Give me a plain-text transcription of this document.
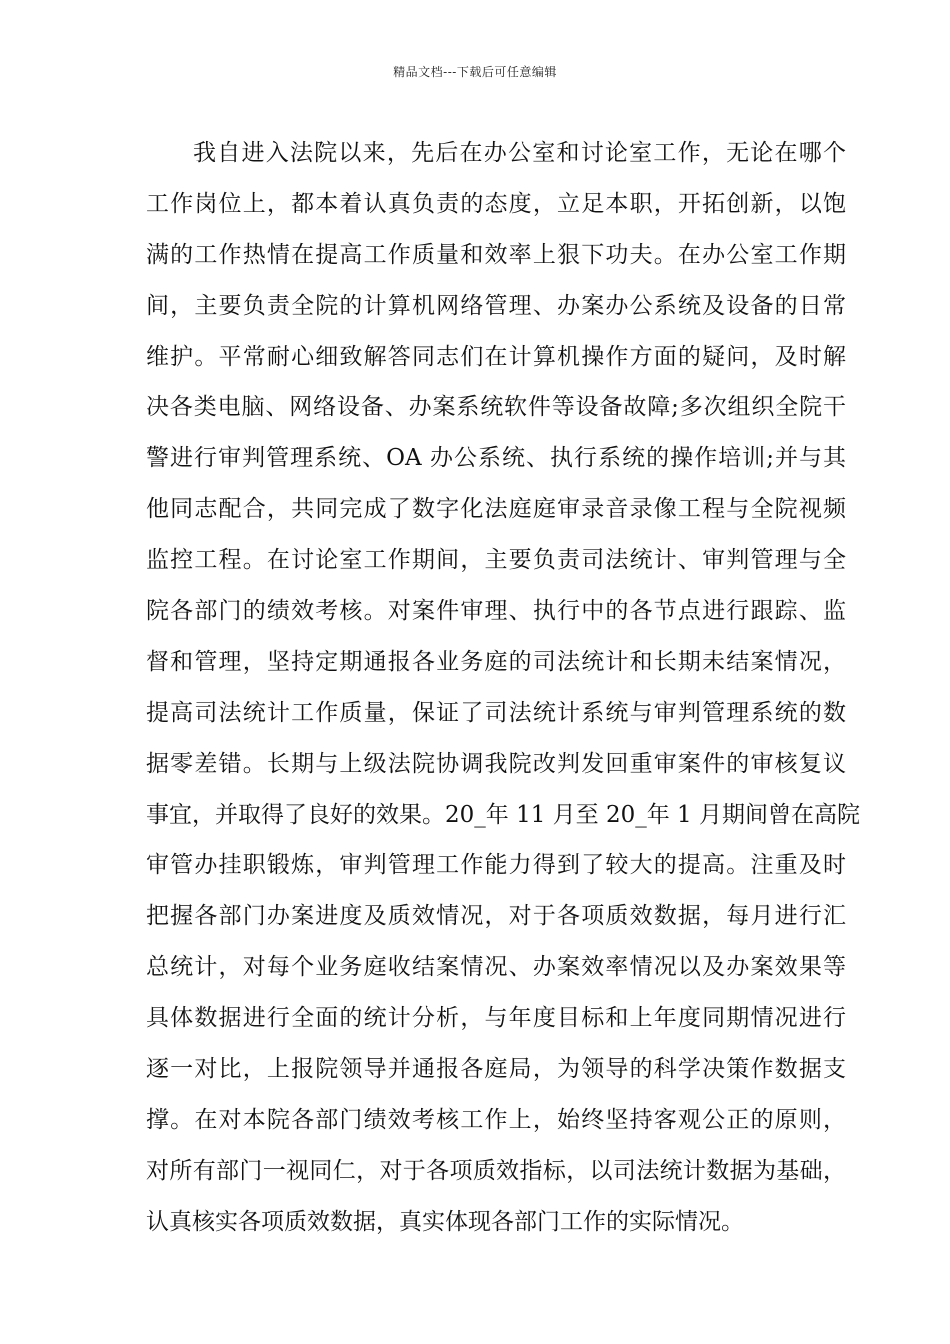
精品文档---下载后可任意编辑
我自进入法院以来，先后在办公室和讨论室工作，无论在哪个
工作岗位上，都本着认真负责的态度，立足本职，开拓创新，以饱
满的工作热情在提高工作质量和效率上狠下功夫。在办公室工作期
间，主要负责全院的计算机网络管理、办案办公系统及设备的日常
维护。平常耐心细致解答同志们在计算机操作方面的疑问，及时解
决各类电脑、网络设备、办案系统软件等设备故障;多次组织全院干
警进行审判管理系统、OA 办公系统、执行系统的操作培训;并与其
他同志配合，共同完成了数字化法庭庭审录音录像工程与全院视频
监控工程。在讨论室工作期间，主要负责司法统计、审判管理与全
院各部门的绩效考核。对案件审理、执行中的各节点进行跟踪、监
督和管理，坚持定期通报各业务庭的司法统计和长期未结案情况，
提高司法统计工作质量，保证了司法统计系统与审判管理系统的数
据零差错。长期与上级法院协调我院改判发回重审案件的审核复议
事宜，并取得了良好的效果。20_年 11 月至 20_年 1 月期间曾在高院
审管办挂职锻炼，审判管理工作能力得到了较大的提高。注重及时
把握各部门办案进度及质效情况，对于各项质效数据，每月进行汇
总统计，对每个业务庭收结案情况、办案效率情况以及办案效果等
具体数据进行全面的统计分析，与年度目标和上年度同期情况进行
逐一对比，上报院领导并通报各庭局，为领导的科学决策作数据支
撑。在对本院各部门绩效考核工作上，始终坚持客观公正的原则，
对所有部门一视同仁，对于各项质效指标，以司法统计数据为基础，
认真核实各项质效数据，真实体现各部门工作的实际情况。
